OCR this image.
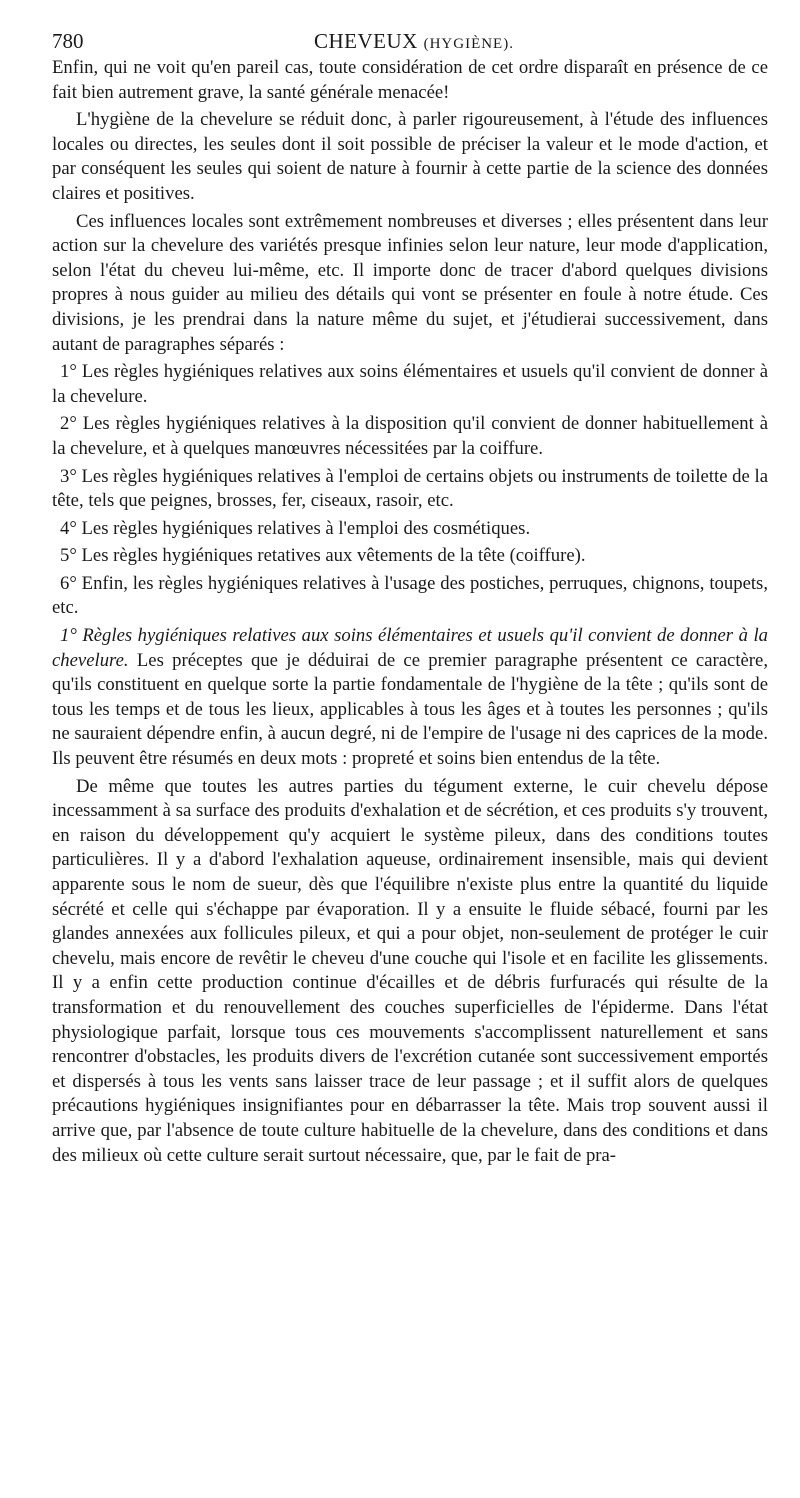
780	CHEVEUX (HYGIÈNE).

Enfin, qui ne voit qu'en pareil cas, toute considération de cet ordre disparaît en présence de ce fait bien autrement grave, la santé générale menacée!

L'hygiène de la chevelure se réduit donc, à parler rigoureusement, à l'étude des influences locales ou directes, les seules dont il soit possible de préciser la valeur et le mode d'action, et par conséquent les seules qui soient de nature à fournir à cette partie de la science des données claires et positives.

Ces influences locales sont extrêmement nombreuses et diverses ; elles présentent dans leur action sur la chevelure des variétés presque infinies selon leur nature, leur mode d'application, selon l'état du cheveu lui-même, etc. Il importe donc de tracer d'abord quelques divisions propres à nous guider au milieu des détails qui vont se présenter en foule à notre étude. Ces divisions, je les prendrai dans la nature même du sujet, et j'étudierai successivement, dans autant de paragraphes séparés :

1° Les règles hygiéniques relatives aux soins élémentaires et usuels qu'il convient de donner à la chevelure.

2° Les règles hygiéniques relatives à la disposition qu'il convient de donner habituellement à la chevelure, et à quelques manœuvres nécessitées par la coiffure.

3° Les règles hygiéniques relatives à l'emploi de certains objets ou instruments de toilette de la tête, tels que peignes, brosses, fer, ciseaux, rasoir, etc.

4° Les règles hygiéniques relatives à l'emploi des cosmétiques.

5° Les règles hygiéniques retatives aux vêtements de la tête (coiffure).

6° Enfin, les règles hygiéniques relatives à l'usage des postiches, perruques, chignons, toupets, etc.

1° Règles hygiéniques relatives aux soins élémentaires et usuels qu'il convient de donner à la chevelure. Les préceptes que je déduirai de ce premier paragraphe présentent ce caractère, qu'ils constituent en quelque sorte la partie fondamentale de l'hygiène de la tête ; qu'ils sont de tous les temps et de tous les lieux, applicables à tous les âges et à toutes les personnes ; qu'ils ne sauraient dépendre enfin, à aucun degré, ni de l'empire de l'usage ni des caprices de la mode. Ils peuvent être résumés en deux mots : propreté et soins bien entendus de la tête.

De même que toutes les autres parties du tégument externe, le cuir chevelu dépose incessamment à sa surface des produits d'exhalation et de sécrétion, et ces produits s'y trouvent, en raison du développement qu'y acquiert le système pileux, dans des conditions toutes particulières. Il y a d'abord l'exhalation aqueuse, ordinairement insensible, mais qui devient apparente sous le nom de sueur, dès que l'équilibre n'existe plus entre la quantité du liquide sécrété et celle qui s'échappe par évaporation. Il y a ensuite le fluide sébacé, fourni par les glandes annexées aux follicules pileux, et qui a pour objet, non-seulement de protéger le cuir chevelu, mais encore de revêtir le cheveu d'une couche qui l'isole et en facilite les glissements. Il y a enfin cette production continue d'écailles et de débris furfuracés qui résulte de la transformation et du renouvellement des couches superficielles de l'épiderme. Dans l'état physiologique parfait, lorsque tous ces mouvements s'accomplissent naturellement et sans rencontrer d'obstacles, les produits divers de l'excrétion cutanée sont successivement emportés et dispersés à tous les vents sans laisser trace de leur passage ; et il suffit alors de quelques précautions hygiéniques insignifiantes pour en débarrasser la tête. Mais trop souvent aussi il arrive que, par l'absence de toute culture habituelle de la chevelure, dans des conditions et dans des milieux où cette culture serait surtout nécessaire, que, par le fait de pra-
